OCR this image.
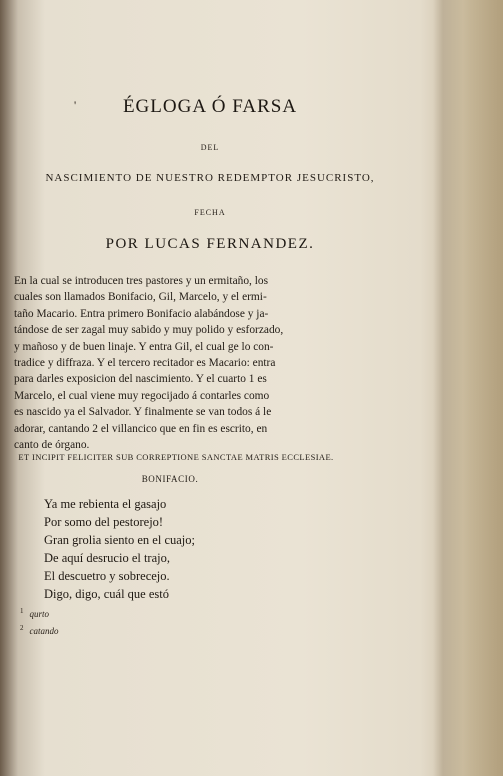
'	ÉGLOGA Ó FARSA
DEL
NASCIMIENTO DE NUESTRO REDEMPTOR JESUCRISTO,
FECHA
POR LUCAS FERNANDEZ.
En la cual se introducen tres pastores y un ermitaño, los
cuales son llamados Bonifacio, Gil, Marcelo, y el ermi-
taño Macario. Entra primero Bonifacio alabándose y ja-
tándose de ser zagal muy sabido y muy polido y esforzado,
y mañoso y de buen linaje. Y entra Gil, el cual ge lo con-
tradice y diffraza. Y el tercero recitador es Macario: entra
para darles exposicion del nascimiento. Y el cuarto 1 es
Marcelo, el cual viene muy regocijado á contarles como
es nascido ya el Salvador. Y finalmente se van todos á le
adorar, cantando 2 el villancico que en fin es escrito, en
canto de órgano.
ET INCIPIT FELICITER SUB CORREPTIONE SANCTAE MATRIS ECCLESIAE.
BONIFACIO.
Ya me rebienta el gasajo
Por somo del pestorejo!
Gran grolia siento en el cuajo;
De aquí desrucio el trajo,
El descuetro y sobrecejo.
Digo, digo, cuál que estó
$^1$ qurto
$^2$ catando
